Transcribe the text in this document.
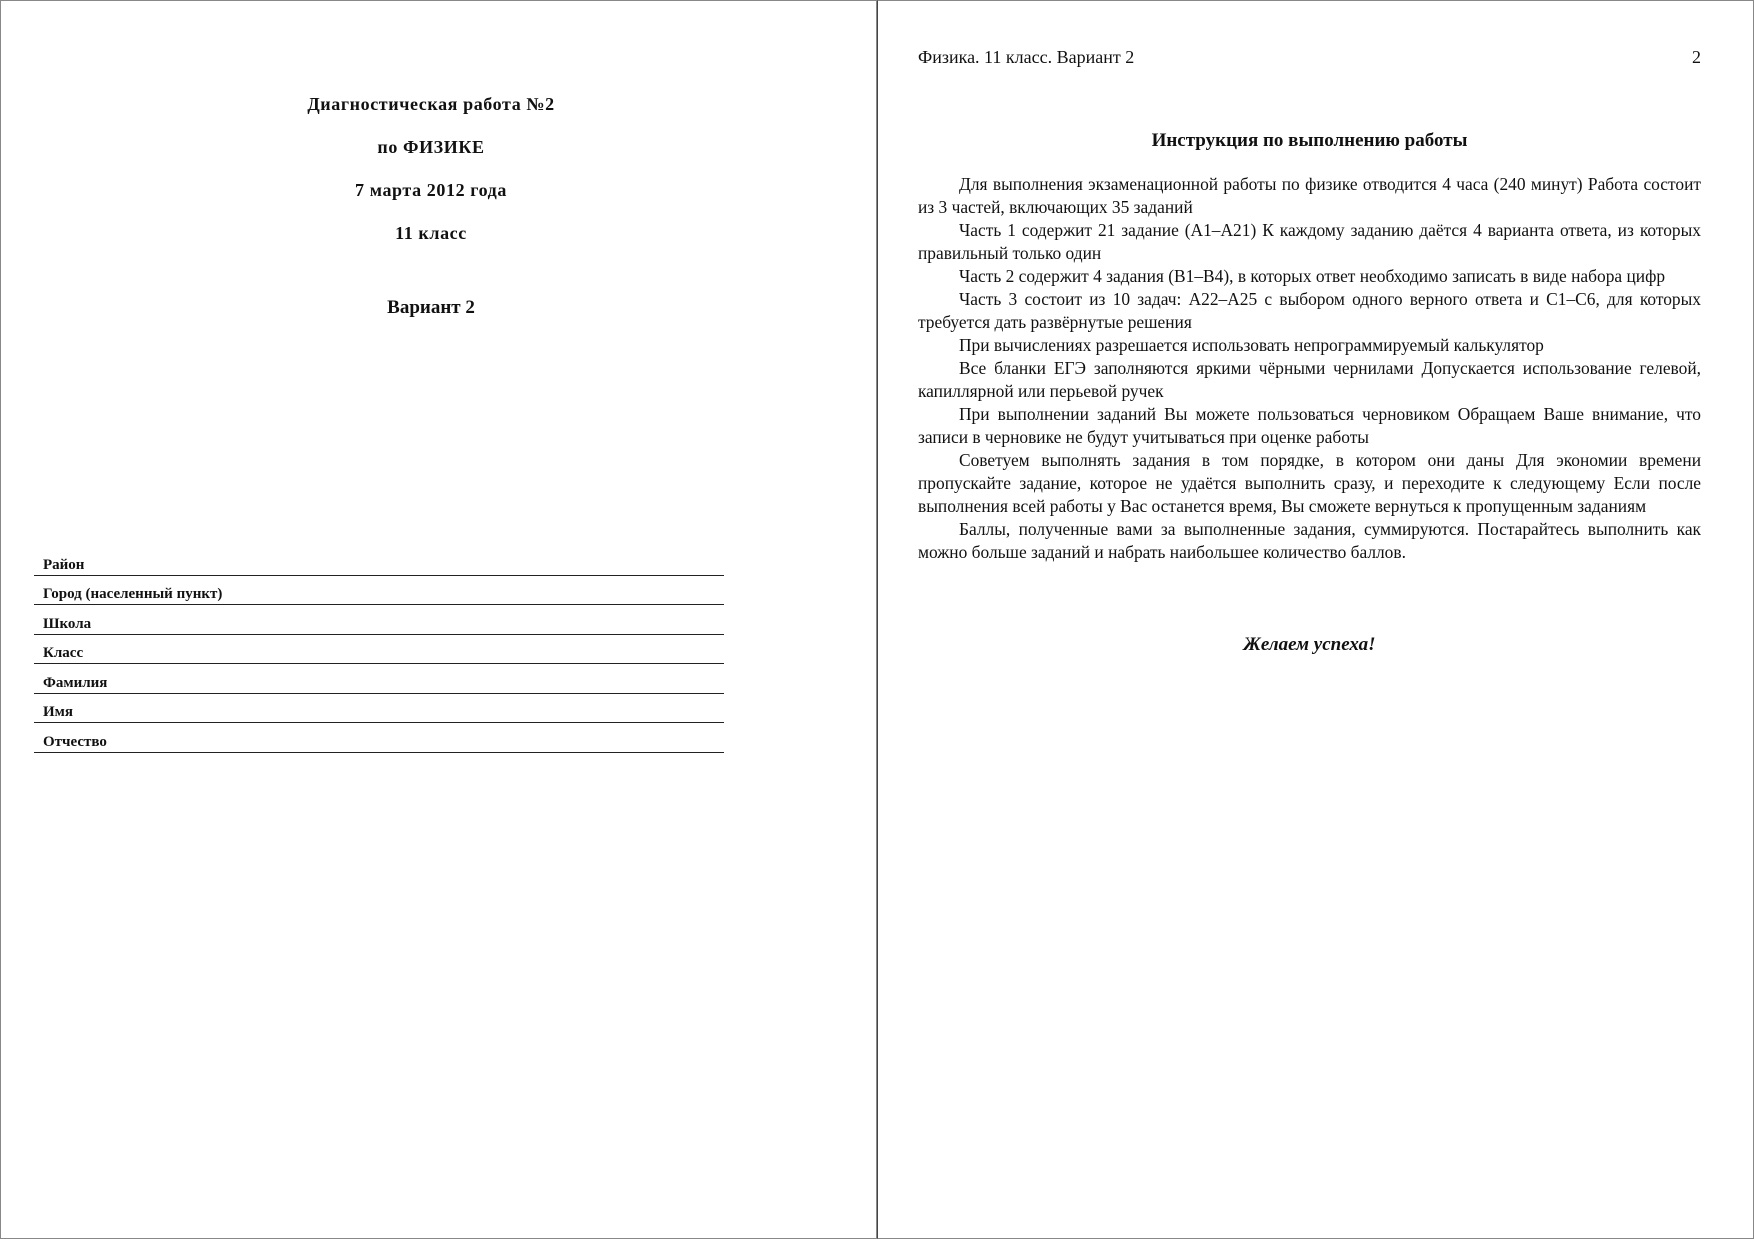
Диагностическая работа №2
по ФИЗИКЕ
7 марта 2012 года
11 класс
Вариант 2
Район
Город (населенный пункт)
Школа
Класс
Фамилия
Имя
Отчество
Физика. 11 класс. Вариант 2	2
Инструкция по выполнению работы

Для выполнения экзаменационной работы по физике отводится 4 часа (240 минут) Работа состоит из 3 частей, включающих 35 заданий

Часть 1 содержит 21 задание (А1–А21) К каждому заданию даётся 4 варианта ответа, из которых правильный только один

Часть 2 содержит 4 задания (В1–В4), в которых ответ необходимо записать в виде набора цифр

Часть 3 состоит из 10 задач: А22–А25 с выбором одного верного ответа и С1–С6, для которых требуется дать развёрнутые решения

При вычислениях разрешается использовать непрограммируемый калькулятор

Все бланки ЕГЭ заполняются яркими чёрными чернилами Допускается использование гелевой, капиллярной или перьевой ручек

При выполнении заданий Вы можете пользоваться черновиком Обращаем Ваше внимание, что записи в черновике не будут учитываться при оценке работы

Советуем выполнять задания в том порядке, в котором они даны Для экономии времени пропускайте задание, которое не удаётся выполнить сразу, и переходите к следующему Если после выполнения всей работы у Вас останется время, Вы сможете вернуться к пропущенным заданиям

Баллы, полученные вами за выполненные задания, суммируются. Постарайтесь выполнить как можно больше заданий и набрать наибольшее количество баллов.

Желаем успеха!
